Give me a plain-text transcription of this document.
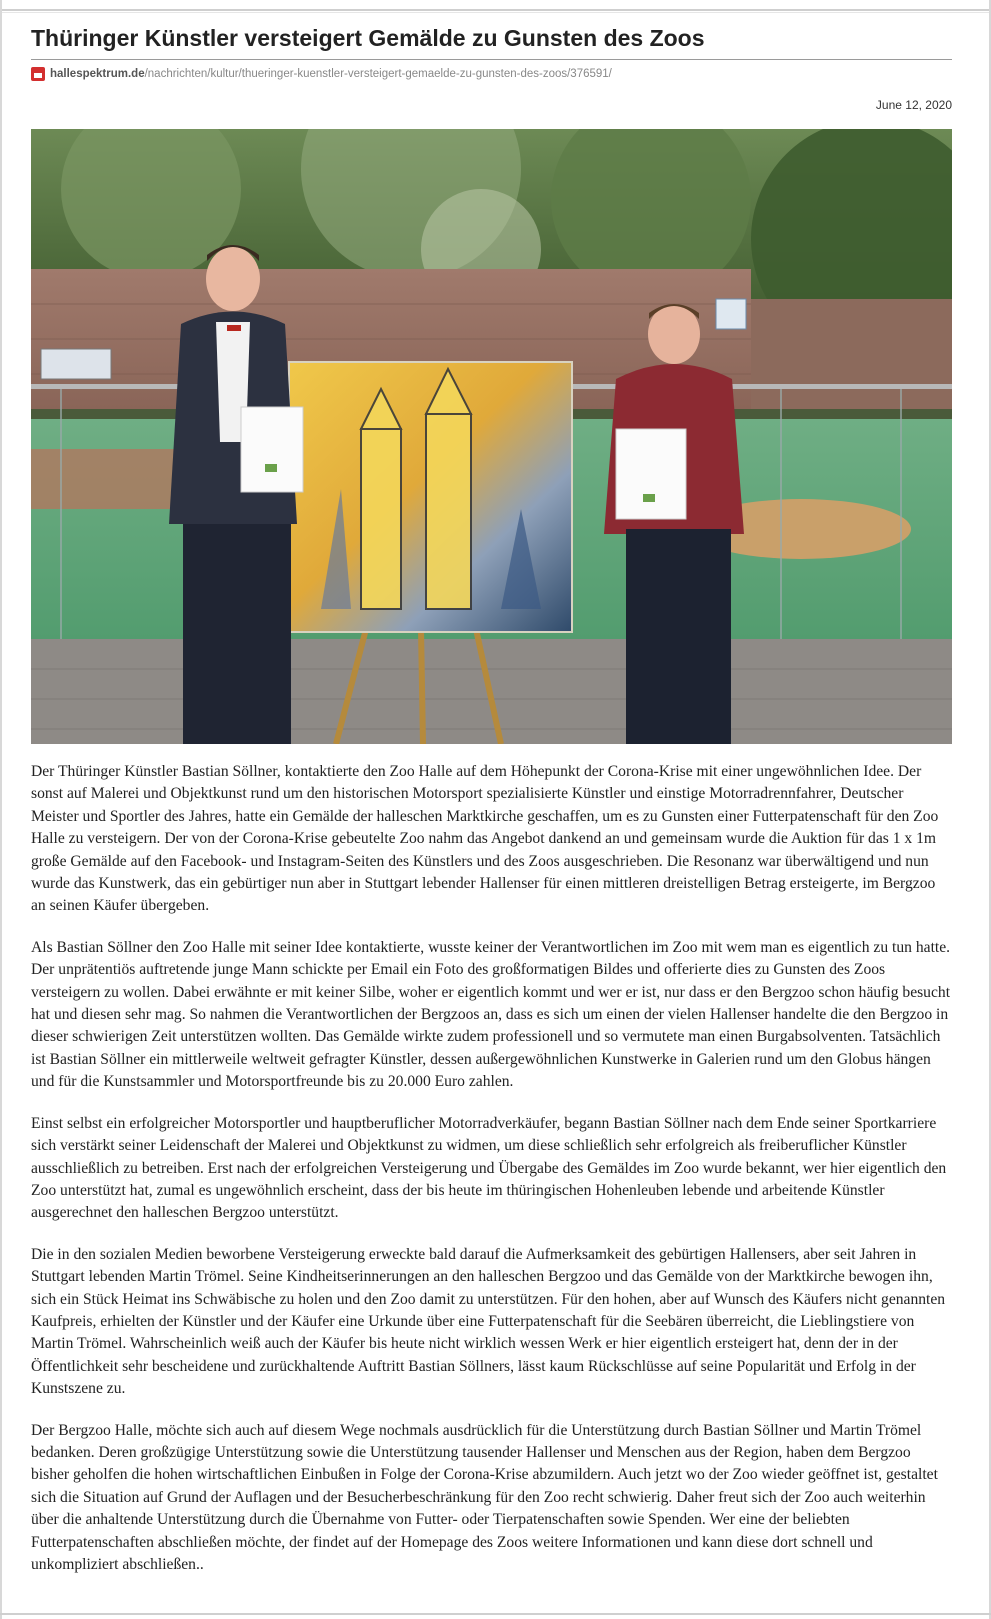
Thüringer Künstler versteigert Gemälde zu Gunsten des Zoos
hallespektrum.de /nachrichten/kultur/thueringer-kuenstler-versteigert-gemaelde-zu-gunsten-des-zoos/376591/
June 12, 2020

Der Thüringer Künstler Bastian Söllner, kontaktierte den Zoo Halle auf dem Höhepunkt der Corona-Krise mit einer ungewöhnlichen Idee. Der sonst auf Malerei und Objektkunst rund um den historischen Motorsport spezialisierte Künstler und einstige Motorradrennfahrer, Deutscher Meister und Sportler des Jahres, hatte ein Gemälde der halleschen Marktkirche geschaffen, um es zu Gunsten einer Futterpatenschaft für den Zoo Halle zu versteigern. Der von der Corona-Krise gebeutelte Zoo nahm das Angebot dankend an und gemeinsam wurde die Auktion für das 1 x 1m große Gemälde auf den Facebook- und Instagram-Seiten des Künstlers und des Zoos ausgeschrieben. Die Resonanz war überwältigend und nun wurde das Kunstwerk, das ein gebürtiger nun aber in Stuttgart lebender Hallenser für einen mittleren dreistelligen Betrag ersteigerte, im Bergzoo an seinen Käufer übergeben.

Als Bastian Söllner den Zoo Halle mit seiner Idee kontaktierte, wusste keiner der Verantwortlichen im Zoo mit wem man es eigentlich zu tun hatte. Der unprätentiös auftretende junge Mann schickte per Email ein Foto des großformatigen Bildes und offerierte dies zu Gunsten des Zoos versteigern zu wollen. Dabei erwähnte er mit keiner Silbe, woher er eigentlich kommt und wer er ist, nur dass er den Bergzoo schon häufig besucht hat und diesen sehr mag. So nahmen die Verantwortlichen der Bergzoos an, dass es sich um einen der vielen Hallenser handelte die den Bergzoo in dieser schwierigen Zeit unterstützen wollten. Das Gemälde wirkte zudem professionell und so vermutete man einen Burgabsolventen. Tatsächlich ist Bastian Söllner ein mittlerweile weltweit gefragter Künstler, dessen außergewöhnlichen Kunstwerke in Galerien rund um den Globus hängen und für die Kunstsammler und Motorsportfreunde bis zu 20.000 Euro zahlen.

Einst selbst ein erfolgreicher Motorsportler und hauptberuflicher Motorradverkäufer, begann Bastian Söllner nach dem Ende seiner Sportkarriere sich verstärkt seiner Leidenschaft der Malerei und Objektkunst zu widmen, um diese schließlich sehr erfolgreich als freiberuflicher Künstler ausschließlich zu betreiben. Erst nach der erfolgreichen Versteigerung und Übergabe des Gemäldes im Zoo wurde bekannt, wer hier eigentlich den Zoo unterstützt hat, zumal es ungewöhnlich erscheint, dass der bis heute im thüringischen Hohenleuben lebende und arbeitende Künstler ausgerechnet den halleschen Bergzoo unterstützt.

Die in den sozialen Medien beworbene Versteigerung erweckte bald darauf die Aufmerksamkeit des gebürtigen Hallensers, aber seit Jahren in Stuttgart lebenden Martin Trömel. Seine Kindheitserinnerungen an den halleschen Bergzoo und das Gemälde von der Marktkirche bewogen ihn, sich ein Stück Heimat ins Schwäbische zu holen und den Zoo damit zu unterstützen. Für den hohen, aber auf Wunsch des Käufers nicht genannten Kaufpreis, erhielten der Künstler und der Käufer eine Urkunde über eine Futterpatenschaft für die Seebären überreicht, die Lieblingstiere von Martin Trömel. Wahrscheinlich weiß auch der Käufer bis heute nicht wirklich wessen Werk er hier eigentlich ersteigert hat, denn der in der Öffentlichkeit sehr bescheidene und zurückhaltende Auftritt Bastian Söllners, lässt kaum Rückschlüsse auf seine Popularität und Erfolg in der Kunstszene zu.

Der Bergzoo Halle, möchte sich auch auf diesem Wege nochmals ausdrücklich für die Unterstützung durch Bastian Söllner und Martin Trömel bedanken. Deren großzügige Unterstützung sowie die Unterstützung tausender Hallenser und Menschen aus der Region, haben dem Bergzoo bisher geholfen die hohen wirtschaftlichen Einbußen in Folge der Corona-Krise abzumildern. Auch jetzt wo der Zoo wieder geöffnet ist, gestaltet sich die Situation auf Grund der Auflagen und der Besucherbeschränkung für den Zoo recht schwierig. Daher freut sich der Zoo auch weiterhin über die anhaltende Unterstützung durch die Übernahme von Futter- oder Tierpatenschaften sowie Spenden. Wer eine der beliebten Futterpatenschaften abschließen möchte, der findet auf der Homepage des Zoos weitere Informationen und kann diese dort schnell und unkompliziert abschließen..
